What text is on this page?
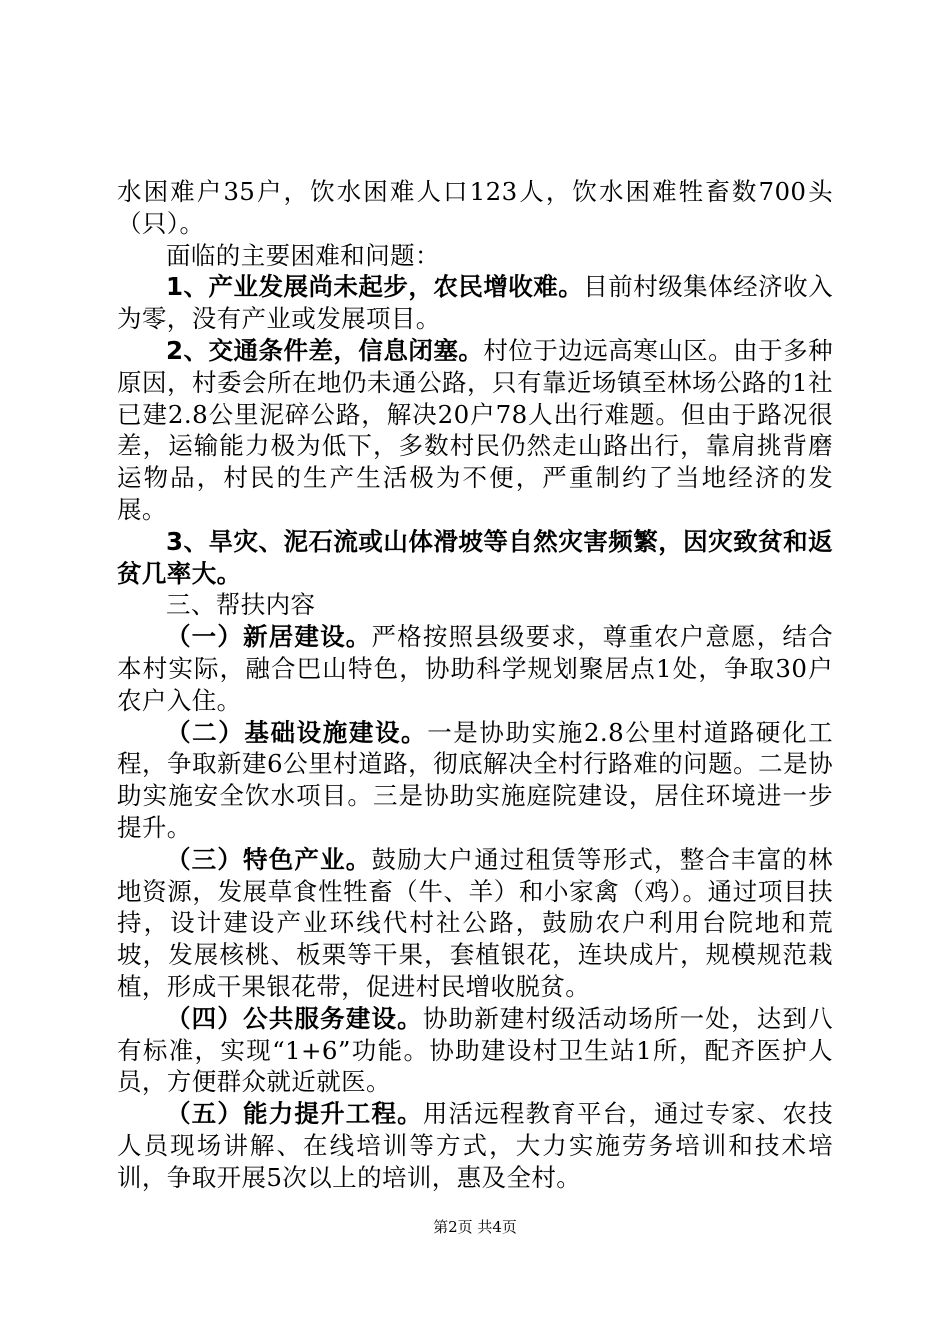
水困难户35户，饮水困难人口123人，饮水困难牲畜数700头（只）。

面临的主要困难和问题：

1、产业发展尚未起步，农民增收难。目前村级集体经济收入为零，没有产业或发展项目。

2、交通条件差，信息闭塞。村位于边远高寒山区。由于多种原因，村委会所在地仍未通公路，只有靠近场镇至林场公路的1社已建2.8公里泥碎公路，解决20户78人出行难题。但由于路况很差，运输能力极为低下，多数村民仍然走山路出行，靠肩挑背磨运物品，村民的生产生活极为不便，严重制约了当地经济的发展。

3、旱灾、泥石流或山体滑坡等自然灾害频繁，因灾致贫和返贫几率大。

三、帮扶内容

（一）新居建设。严格按照县级要求，尊重农户意愿，结合本村实际，融合巴山特色，协助科学规划聚居点1处，争取30户农户入住。

（二）基础设施建设。一是协助实施2.8公里村道路硬化工程，争取新建6公里村道路，彻底解决全村行路难的问题。二是协助实施安全饮水项目。三是协助实施庭院建设，居住环境进一步提升。

（三）特色产业。鼓励大户通过租赁等形式，整合丰富的林地资源，发展草食性牲畜（牛、羊）和小家禽（鸡）。通过项目扶持，设计建设产业环线代村社公路，鼓励农户利用台院地和荒坡，发展核桃、板栗等干果，套植银花，连块成片，规模规范栽植，形成干果银花带，促进村民增收脱贫。

（四）公共服务建设。协助新建村级活动场所一处，达到八有标准，实现“1+6”功能。协助建设村卫生站1所，配齐医护人员，方便群众就近就医。

（五）能力提升工程。用活远程教育平台，通过专家、农技人员现场讲解、在线培训等方式，大力实施劳务培训和技术培训，争取开展5次以上的培训，惠及全村。

第2页 共4页
